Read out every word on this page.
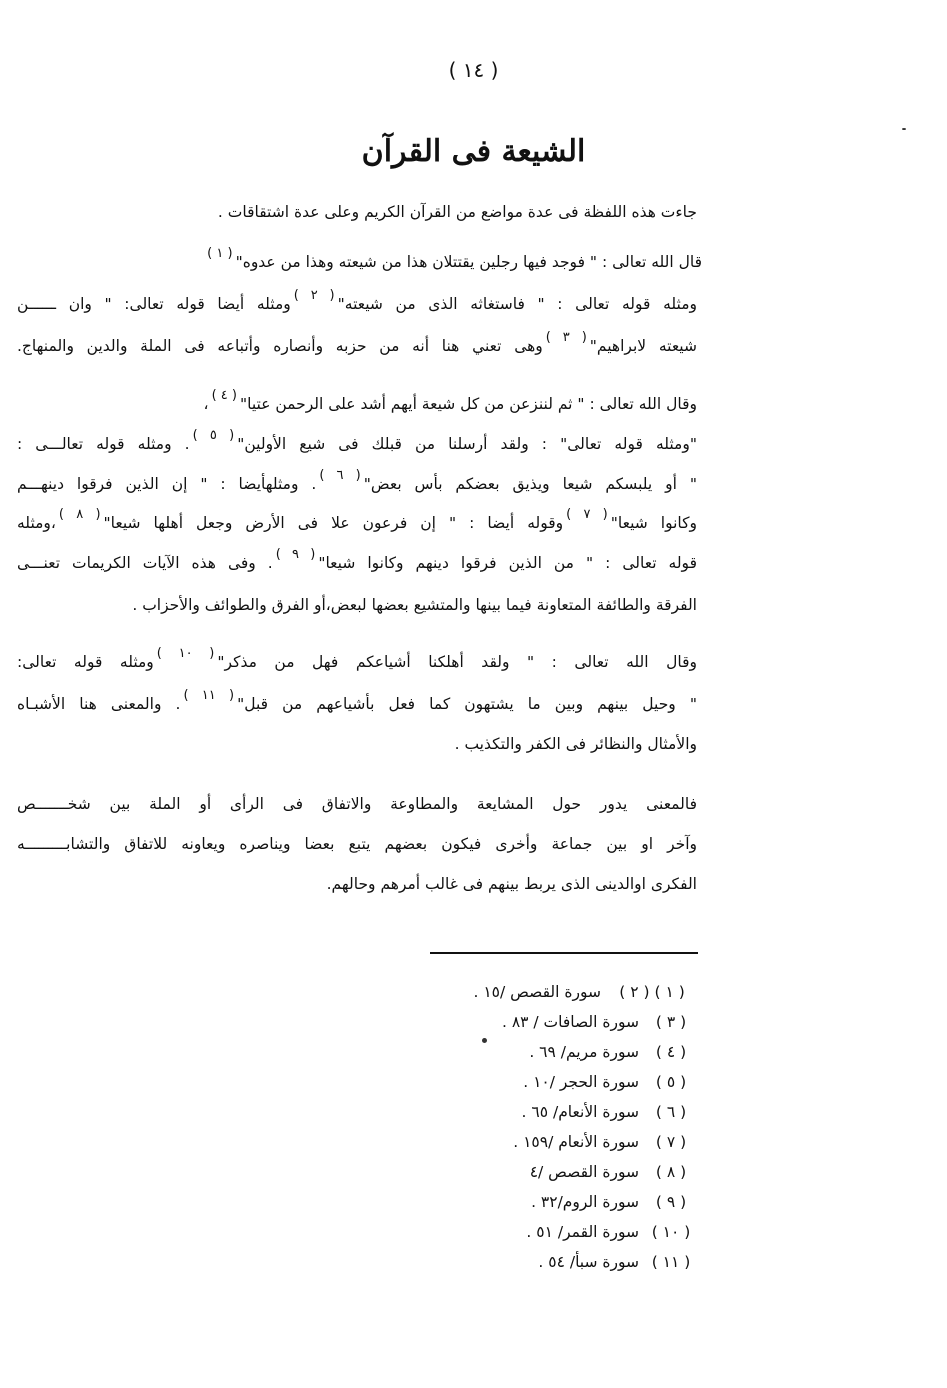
( ١٤ )
الشيعة فى القرآن
جاءت هذه اللفظة فى عدة مواضع من القرآن الكريم وعلى عدة اشتقاقات .
قال الله تعالى : " فوجد فيها رجلين يقتتلان هذا من شيعته وهذا من عدوه"$^{( ١ )}$
ومثله قوله تعالى : " فاستغاثه الذى من شيعته"$^{( ٢ )}$ومثله أيضا قوله تعالى: " وان ــــــن
شيعته لابراهيم"$^{( ٣ )}$وهى تعني هنا أنه من حزبه وأنصاره وأتباعه فى الملة والدين والمنهاج.
وقال الله تعالى : " ثم لننزعن من كل شيعة أيهم أشد على الرحمن عتيا"$^{( ٤ )}$،
"ومثله قوله تعالى" : ولقد أرسلنا من قبلك فى شيع الأولين"$^{( ٥ )}$. ومثله قوله تعالـــى :
" أو يلبسكم شيعا ويذيق بعضكم بأس بعض"$^{( ٦ )}$. ومثلهأيضا : " إن الذين فرقوا دينهـــم
وكانوا شيعا"$^{( ٧ )}$وقوله أيضا : " إن فرعون علا فى الأرض وجعل أهلها شيعا"$^{( ٨ )}$،ومثله
قوله تعالى : " من الذين فرقوا دينهم وكانوا شيعا"$^{( ٩ )}$. وفى هذه الآيات الكريمات تعنـــى
الفرقة والطائفة المتعاونة فيما بينها والمتشيع بعضها لبعض،أو الفرق والطوائف والأحزاب .
وقال الله تعالى : " ولقد أهلكنا أشياعكم فهل من مذكر"$^{( ١٠ )}$ومثله قوله تعالى:
" وحيل بينهم وبين ما يشتهون كما فعل بأشياعهم من قبل"$^{( ١١ )}$. والمعنى هنا الأشبـاه
والأمثال والنظائر فى الكفر والتكذيب .
فالمعنى يدور حول المشايعة والمطاوعة والاتفاق فى الرأى أو الملة بين شخـــــــص
وآخر او بين جماعة وأخرى فيكون بعضهم يتبع بعضا ويناصره ويعاونه للاتفاق والتشابـــــــــه
الفكرى اوالدينى الذى يربط بينهم فى غالب أمرهم وحالهم.
( ١ ) ( ٢ )سورة القصص /١٥ .
( ٣ )سورة الصافات / ٨٣ .
( ٤ )سورة مريم/ ٦٩ .
( ٥ )سورة الحجر /١٠ .
( ٦ )سورة الأنعام/ ٦٥ .
( ٧ )سورة الأنعام /١٥٩ .
( ٨ )سورة القصص /٤
( ٩ )سورة الروم/٣٢ .
( ١٠ )سورة القمر/ ٥١ .
( ١١ )سورة سبأ/ ٥٤ .
